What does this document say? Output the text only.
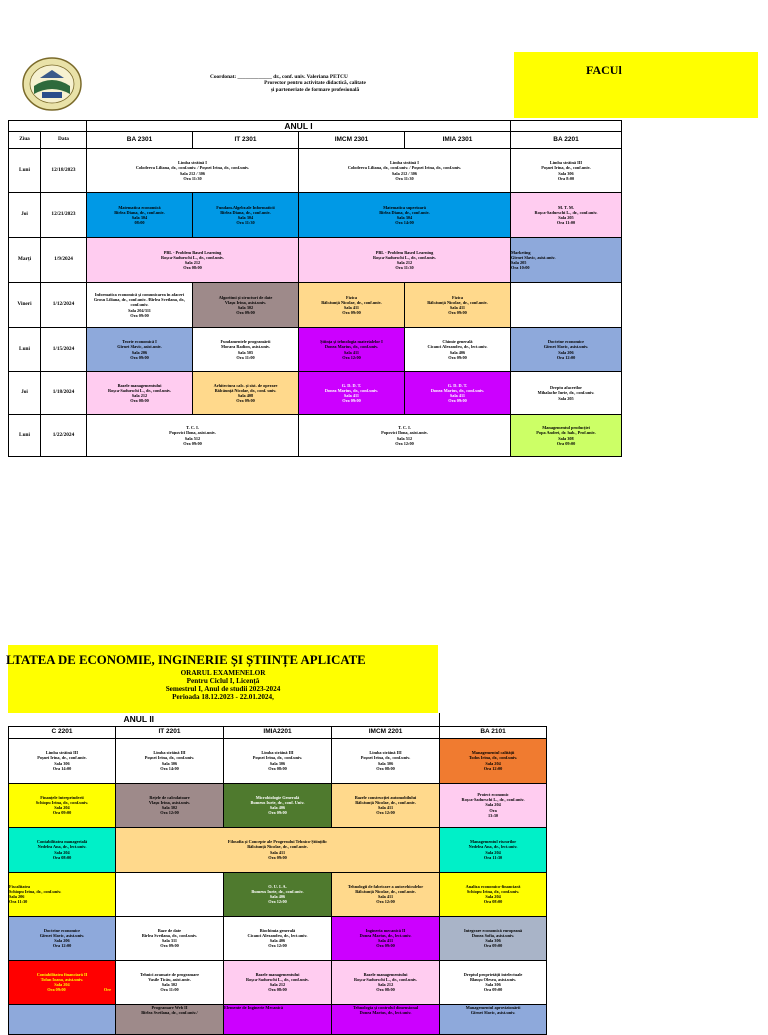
Coordonat: _____________ dr., conf. univ. Valeriana PETCU
Prorector pentru activitate didactică, calitate
și parteneriate de formare profesională
FACUl
		ANUL I				
Ziua	Data	BA 2301	IT 2301	IMCM 2301	IMIA 2301	BA 2201
Luni	12/18/2023	Limba străină I
Colodeeva Liliana, dr., conf.univ. / Poșnei Irina, dr., conf.univ.
Sala 212 / 306
Ora 11:30		Limba străină I
Colodeeva Liliana, dr., conf.univ. / Poșnei Irina, dr., conf.univ.
Sala 212 / 306
Ora 11:30		Limba străină III
Poșnei Irina, dr., conf.univ.
Sala 306
Ora 8:00
Joi	12/21/2023	Matematica economică
Bîrlea Diana, dr., conf.univ.
Sala 304
08:00	Fundam.Algebr.ale Informaticii
Bîrlea Diana, dr., conf.univ.
Sala 304
Ora 11:30	Matematica superioară
Bîrlea Diana, dr., conf.univ.
Sala 304
Ora 14:00		M. T. M.
Roșca-Sadurschi L., dr., conf.univ.
Sala 205
Ora 11:00
Marți	1/9/2024	PBL - Problem Based Learning
Roșca-Sadurschi L., dr., conf.univ.
Sala 212
Ora 08:00		PBL - Problem Based Learning
Roșca-Sadurschi L., dr., conf.univ.
Sala 212
Ora 11:30		Marketing
Gîrnet Slavic, asist.univ.
Sala 205
Ora 10:00
Vineri	1/12/2024	Informatica economică și comunicarea în afaceri
Grosu Liliana, dr., conf.univ. /Bîrlea Svetlana, dr., conf.univ.
Sala 204/311
Ora 09:00	Algoritmi și structuri de date
Vlașu Irina, asist.univ.
Sala 302
Ora 09:00	Fizica
Bălcăunță Nicolae, dr., conf.univ.
Sala 411
Ora 09:00	Fizica
Bălcăunță Nicolae, dr., conf.univ.
Sala 411
Ora 09:00	
Luni	1/15/2024	Teorie economică I
Gîrnet Slavic, asist.univ.
Sala 206
Ora 09:00	Fundamentele programării
Morara Radion, asist.univ.
Sala 505
Ora 11:00	Știința și tehnologia materialelor I
Donea Marius, dr., conf.univ.
Sala 411
Ora 12:00	Chimie generală
Cicanci Alexandru, dr., lect.univ.
Sala 406
Ora 09:00	Doctrine economice
Gîrnet Slavic, asist.univ.
Sala 206
Ora 12:00
Joi	1/18/2024	Bazele managementului
Roșca-Sadurschi L., dr., conf.univ.
Sala 212
Ora 08:00	Arhitectura calc. și sist. de operare
Bălcăunță Nicolae, dr., conf. univ.
Sala 408
Ora 09:00	G. D. D. T.
Donea Marius, dr., conf.univ.
Sala 411
Ora 09:00	G. D. D. T.
Donea Marius, dr., conf.univ.
Sala 411
Ora 09:00	Dreptu afacerilor
Mihalache Iurie, dr., conf.univ.
Sala 205
Luni	1/22/2024	T. C. I.
Popovici Ilona, asist.univ.
Sala 512
Ora 09:00		T. C. I.
Popovici Ilona, asist.univ.
Sala 512
Ora 12:00		Managementul producției
Popa Andrei, dr. hab., Prof.univ.
Sala 308
Ora 09:00
LTATEA DE ECONOMIE, INGINERIE ȘI ȘTIINȚE APLICATE
ORARUL EXAMENELOR
Pentru Ciclul I, Licență
Semestrul I, Anul de studii 2023-2024
Perioada 18.12.2023 - 22.01.2024,
ANUL II				
C 2201	IT 2201	IMIA2201	IMCM 2201	BA 2101
Limba străină III
Poșnei Irina, dr., conf.univ.
Sala 306
Ora 14:00	Limba străină III
Poșnei Irina, dr., conf.univ.
Sala 306
Ora 14:00	Limba străină III
Poșnei Irina, dr., conf.univ.
Sala 306
Ora 08:00	Limba străină III
Poșnei Irina, dr., conf.univ.
Sala 306
Ora 08:00	Managementul calității
Todos Irina, dr., conf.univ.
Sala 204
Ora 12:00
Finanțele întreprinderii
Schiopu Irina, dr., conf.univ.
Sala 204
Ora 09:00	Rețele de calculatoare
Vlașu Irina, asist.univ.
Sala 302
Ora 12:00	Microbiologie Generală
Bumeus Iurie, dr., conf. Univ.
Sala 406
Ora 09:00	Bazele construcției automobilului
Bălcăunță Nicolae, dr., conf.univ.
Sala 411
Ora 12:00	Proiect economic
Roșca-Sadurschi L., dr., conf.univ.
Sala 204
Ora
13:30
Contabilitatea managerială
Nedelea Ana, dr., lect.univ.
Sala 204
Ora 08:00	Filosofia și Concepte ale Progresului Tehnico-Științific
Bălcăunță Nicolae, dr., conf.univ.
Sala 411
Ora 09:00			Managementul riscurilor
Nedelea Ana, dr., lect.univ.
Sala 204
Ora 11:30
Fiscalitatea
Schiopu Irina, dr., conf.univ.
Sala 206
Ora 11:30		O. U. I. A.
Bumeus Iurie, dr., conf.univ.
Sala 406
Ora 12:00	Tehnologii de fabricare a autovehiculelor
Bălcăunță Nicolae, dr., conf.univ.
Sala 411
Ora 12:00	Analiza economico-financiară
Schiopu Irina, dr., conf.univ.
Sala 204
Ora 08:00
Doctrine economice
Gîrnet Slavic, asist.univ.
Sala 206
Ora 12:00	Baze de date
Bîrlea Svetlana, dr., conf.univ.
Sala 311
Ora 09:00	Biochimia generală
Cicanci Alexandru, dr., lect.univ.
Sala 406
Ora 12:00	Ingineria mecanică II
Donea Marius, dr., lect.univ.
Sala 411
Ora 09:00	Integrare economică europeană
Donea Sofia, asist.univ.
Sala 306
Ora 09:00
Contabilitatea financiară II
Tofan Ioana, asist.univ.
Sala 204
Ora 09:00 Ore	Tehnici avansate de programare
Vasile Ticău, asist.univ.
Sala 302
Ora 11:00	Bazele managementului
Roșca-Sadurschi L., dr., conf.univ.
Sala 212
Ora 08:00	Bazele managementului
Roșca-Sadurschi L., dr., conf.univ.
Sala 212
Ora 08:00	Dreptul proprietății intelectuale
Blaușu Olesea, asist.univ.
Sala 306
Ora 09:00
	Programare Web II
Bîrlea Svetlana, dr., conf.univ./	Elemente de Inginerie Mecanică	Tehnologia și controlul dimensional
Donea Marius, dr., lect.univ.	Managementul aprovizionării
Gîrnet Slavic, asist.univ.
